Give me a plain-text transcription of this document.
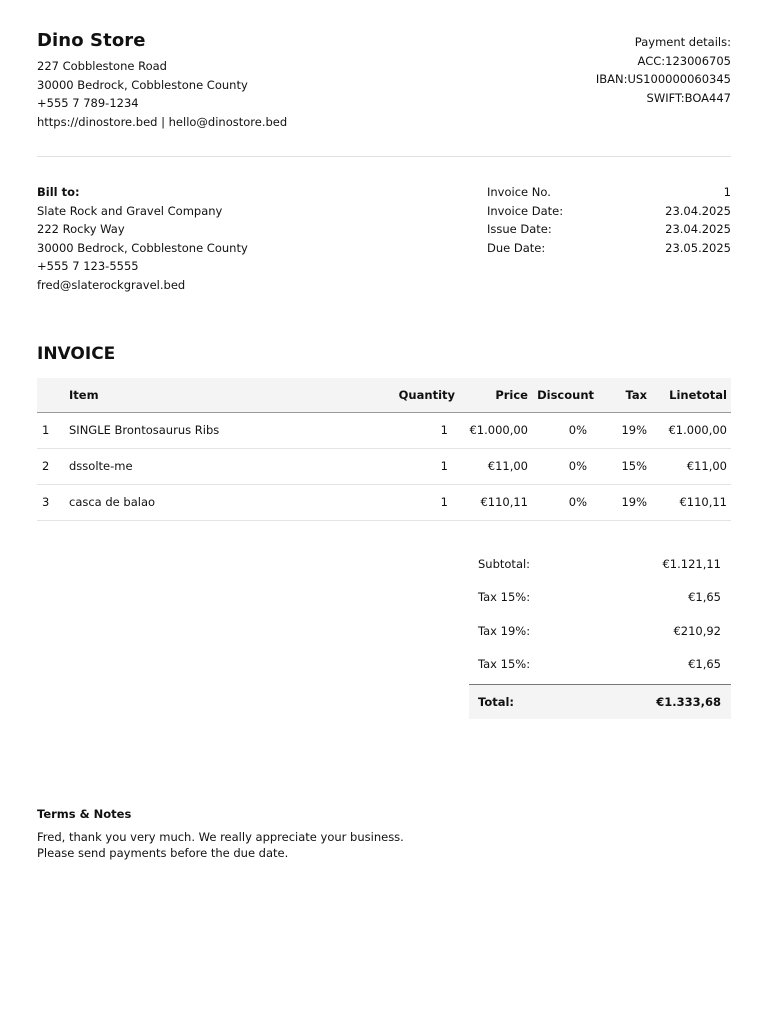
Dino Store
227 Cobblestone Road
30000 Bedrock, Cobblestone County
+555 7 789-1234
https://dinostore.bed | hello@dinostore.bed
Payment details:
ACC:123006705
IBAN:US100000060345
SWIFT:BOA447
Bill to:
Slate Rock and Gravel Company
222 Rocky Way
30000 Bedrock, Cobblestone County
+555 7 123-5555
fred@slaterockgravel.bed
Invoice No.	1
Invoice Date:	23.04.2025
Issue Date:	23.04.2025
Due Date:	23.05.2025
INVOICE
	Item	Quantity	Price	Discount	Tax	Linetotal
1	SINGLE Brontosaurus Ribs	1	€1.000,00	0%	19%	€1.000,00
2	dssolte-me	1	€11,00	0%	15%	€11,00
3	casca de balao	1	€110,11	0%	19%	€110,11
Subtotal:	€1.121,11
Tax 15%:	€1,65
Tax 19%:	€210,92
Tax 15%:	€1,65
Total:	€1.333,68
Terms & Notes
Fred, thank you very much. We really appreciate your business.
Please send payments before the due date.
